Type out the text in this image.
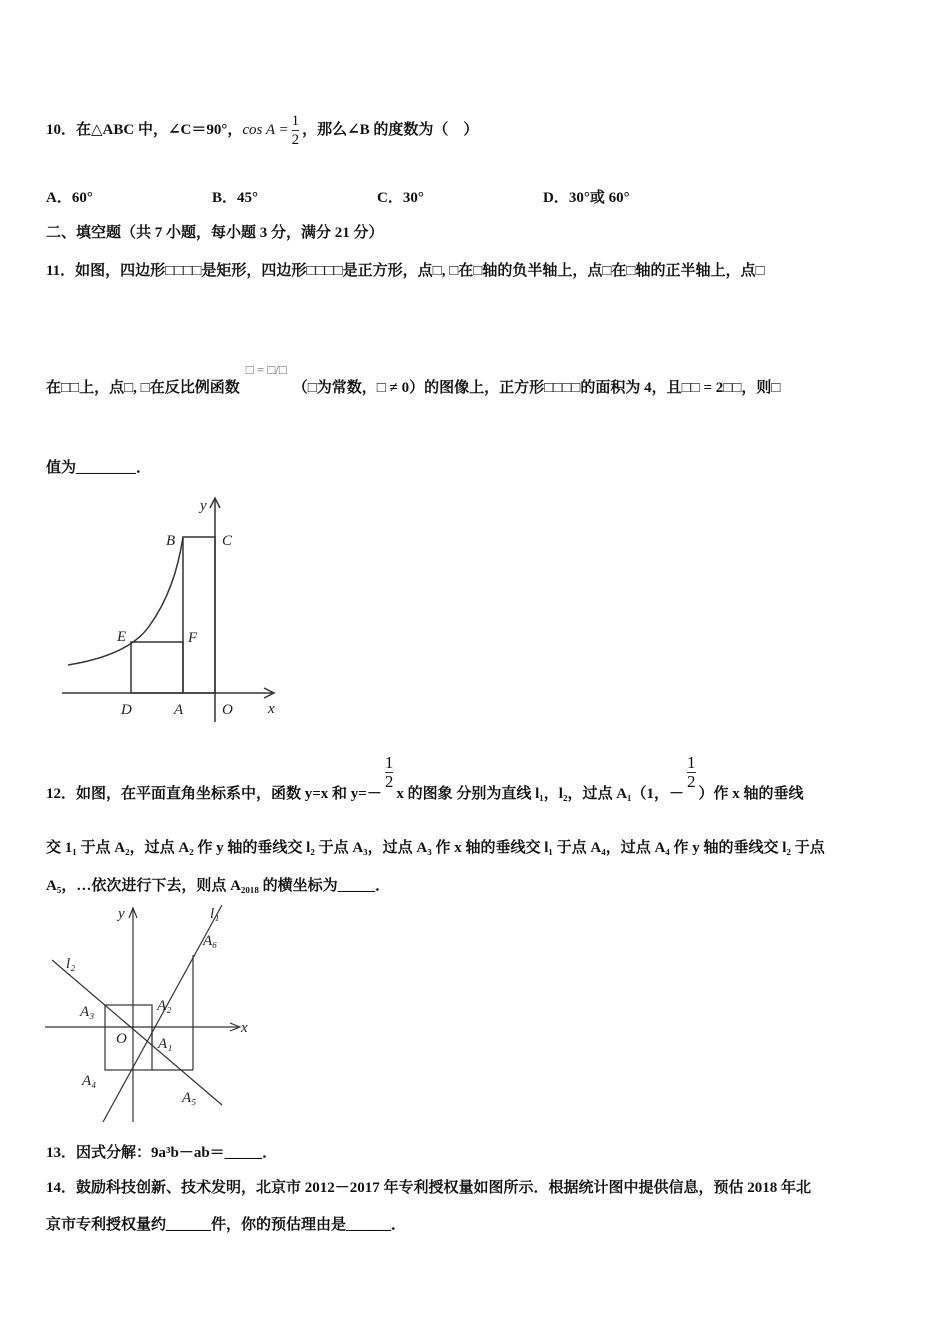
10．在△ABC 中，∠C＝90°，$\cos A = \frac{1}{2}$ ，那么∠B 的度数为（　）
A．60°	B．45°	C．30°	D．30°或 60°
二、填空题（共 7 小题，每小题 3 分，满分 21 分）
11．如图，四边形□□□□是矩形，四边形□□□□是正方形，点□, □在□轴的负半轴上，点□在□轴的正半轴上，点□
在□□上，点□, □在反比例函数□ = □/□（□为常数，□ ≠ 0）的图像上，正方形□□□□的面积为 4，且□□ = 2□□，则□
值为________．
y
x
B	C
E	F
D	A	O
y
x
l₁
l₂
A₆
A₂
A₃
O A₁
A₄
A₅
12．如图，在平面直角坐标系中，函数 y=x 和 y=－
$\frac{1}{2}$
x 的图象 分别为直线 l₁，l₂，过点 A₁（1，－
$\frac{1}{2}$
）作 x 轴的垂线
交 1₁ 于点 A₂，过点 A₂ 作 y 轴的垂线交 l₂ 于点 A₃，过点 A₃ 作 x 轴的垂线交 l₁ 于点 A₄，过点 A₄ 作 y 轴的垂线交 l₂ 于点
A₅，…依次进行下去，则点 A₂₀₁₈ 的横坐标为_____．
13．因式分解：9a³b－ab＝_____．
14．鼓励科技创新、技术发明，北京市 2012－2017 年专利授权量如图所示．根据统计图中提供信息，预估 2018 年北
京市专利授权量约______件，你的预估理由是______．
